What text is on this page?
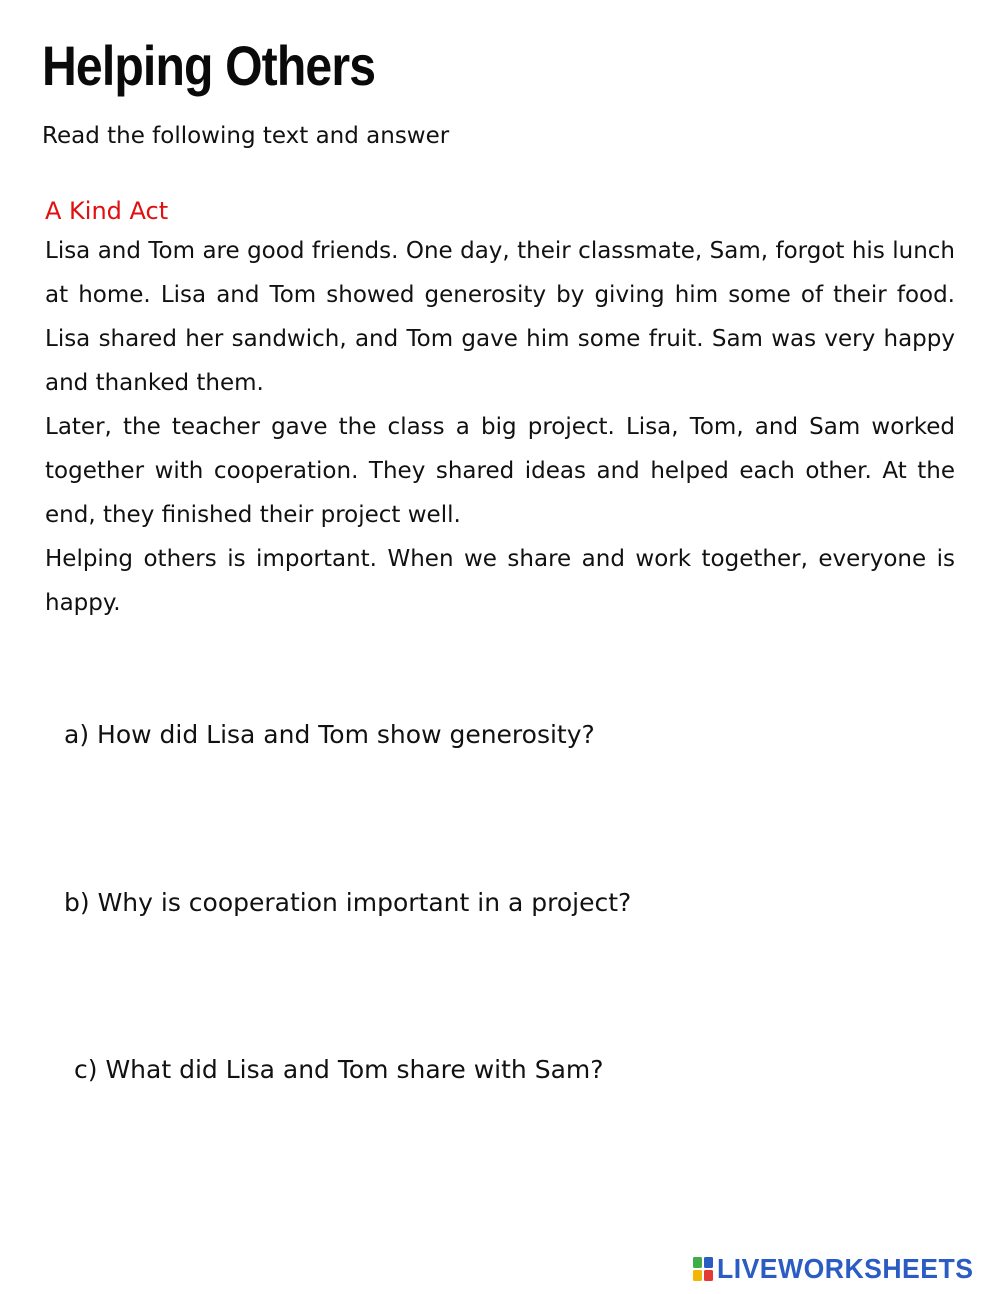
Helping Others

Read the following text and answer

A Kind Act

Lisa and Tom are good friends. One day, their classmate, Sam, forgot his lunch at home. Lisa and Tom showed generosity by giving him some of their food. Lisa shared her sandwich, and Tom gave him some fruit. Sam was very happy and thanked them.

Later, the teacher gave the class a big project. Lisa, Tom, and Sam worked together with cooperation. They shared ideas and helped each other. At the end, they finished their project well.

Helping others is important. When we share and work together, everyone is happy.

a) How did Lisa and Tom show generosity?

b) Why is cooperation important in a project?

c) What did Lisa and Tom share with Sam?

LIVEWORKSHEETS
